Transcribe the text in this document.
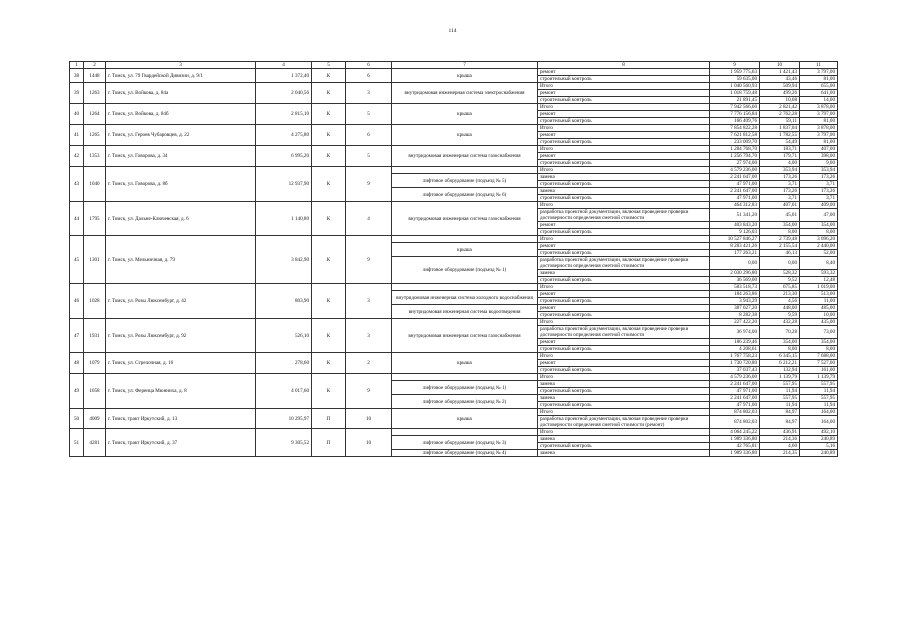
114
1	2	3	4	5	6	7	8	9	10	11
38	1448	г. Томск, ул. 79 Гвардейской Дивизии, д. 9/1	1 372,40	К	6	крыша	ремонт	1 959 775,63	1 421,43	3 797,00
							строительный контроль	59 635,00	43,46	81,00
39	1263	г. Томск, ул. Войкова, д. 84а	2 040,56	К	3	внутридомовая инженерная система электроснабжения	Итого	1 040 560,93	509,94	655,00
							ремонт	1 018 759,48	499,26	641,00
							строительный контроль	21 891,45	10,68	14,00
40	1264	г. Томск, ул. Войкова, д. 84б	2 815,10	К	5	крыша	Итого	7 942 566,60	2 821,42	3 878,00
							ремонт	7 776 156,84	2 762,28	3 797,00
							строительный контроль	166 409,76	59,11	81,00
41	1265	г. Томск, ул. Героев Чубаровцев, д. 22	4 275,80	К	6	крыша	Итого	7 854 822,28	1 837,04	3 878,00
							ремонт	7 621 812,58	1 782,55	3 797,00
							строительный контроль	233 009,70	54,49	81,00
42	1353	г. Томск, ул. Говорова, д. 34	6 995,20	К	5	внутридомовая инженерная система газоснабжения	Итого	1 284 768,70	183,71	407,00
							ремонт	1 256 794,70	179,71	398,00
							строительный контроль	27 974,00	4,00	9,00
43	1040	г. Томск, ул. Говорова, д. 8б	12 937,90	К	9		Итого	4 579 236,00	353,94	353,94
						лифтовое оборудование (подъезд № 5)	замена	2 241 647,00	173,26	173,26
							строительный контроль	47 971,00	3,71	3,71
						лифтовое оборудование (подъезд № 6)	замена	2 241 647,00	173,26	173,26
							строительный контроль	47 971,00	3,71	3,71
44	1795	г. Томск, ул. Дальне-Ключевская, д. 6	1 140,80	К	4	внутридомовая инженерная система газоснабжения	Итого	464 312,83	407,01	409,00
							разработка проектной документации, включая проведение проверки достоверности определения сметной стоимости	51 341,20	45,01	47,00
							ремонт	403 843,20	354,00	354,00
							строительный контроль	9 126,03	8,00	8,00
45	1301	г. Томск, ул. Мельничная, д. 79	3 842,90	К	9		Итого	10 527 846,27	2 739,48	3 096,20
						крыша	ремонт	8 283 421,26	2 155,54	2 440,00
							строительный контроль	177 263,21	46,13	52,00
						лифтовое оборудование (подъезд № 1)	разработка проектной документации, включая проведение проверки достоверности определения сметной стоимости	0,00	0,00	8,40
							замена	2 030 296,80	528,32	593,32
							строительный контроль	36 569,00	9,52	12,48
46	1028	г. Томск, ул. Розы Люксембург, д. 42	803,90	К	3		Итого	583 518,73	675,85	1 019,00
						внутридомовая инженерная система холодного водоснабжения	ремонт	184 263,86	213,30	513,00
							строительный контроль	3 943,29	4,56	11,00
						внутридомовая инженерная система водоотведения	ремонт	387 027,20	448,00	485,00
							строительный контроль	8 282,38	9,59	10,00
47	1931	г. Томск, ул. Розы Люксембург, д. 92	526,10	К	3	внутридомовая инженерная система газоснабжения	Итого	227 422,20	432,28	435,00
							разработка проектной документации, включая проведение проверки достоверности определения сметной стоимости	36 974,00	70,28	73,00
							ремонт	186 239,46	354,00	354,00
							строительный контроль	4 208,61	8,00	8,00
48	1079	г. Томск, ул. Стрелочная, д. 16	278,60	К	2	крыша	Итого	1 767 758,23	6 345,15	7 688,00
							ремонт	1 730 720,80	6 212,21	7 527,00
							строительный контроль	37 037,43	132,94	161,00
49	1058	г. Томск, ул. Ференца Мюнниха, д. 8	4 017,60	К	9		Итого	4 579 236,00	1 139,79	1 139,79
						лифтовое оборудование (подъезд № 1)	замена	2 241 647,00	557,95	557,95
							строительный контроль	47 971,00	11,94	11,94
						лифтовое оборудование (подъезд № 2)	замена	2 241 647,00	557,95	557,95
							строительный контроль	47 971,00	11,94	11,94
50	4009	г. Томск, тракт Иркутский, д. 13	10 295,97	П	10	крыша	Итого	874 802,03	84,97	164,00
							разработка проектной документации, включая проведение проверки достоверности определения сметной стоимости (ремонт)	874 802,03	84,97	164,00
51	4281	г. Томск, тракт Иркутский, д. 37	9 305,52	П	10		Итого	4 064 245,22	436,91	492,10
						лифтовое оборудование (подъезд № 3)	замена	1 989 336,80	214,36	240,89
							строительный контроль	42 765,81	4,60	5,16
						лифтовое оборудование (подъезд № 4)	замена	1 989 336,80	214,35	240,89
